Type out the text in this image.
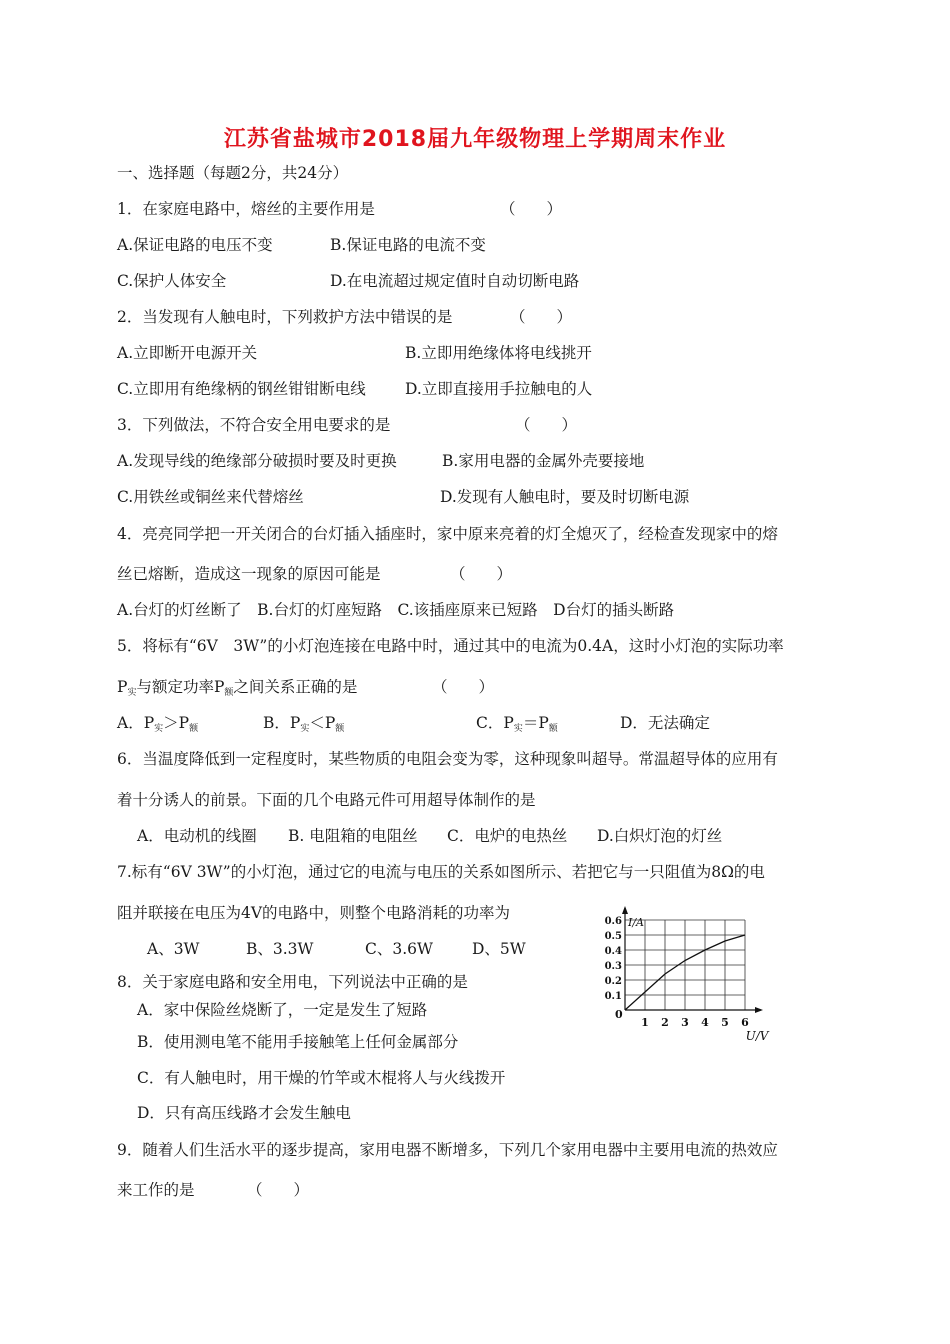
江苏省盐城市2018届九年级物理上学期周末作业
一、选择题（每题2分，共24分）
1．在家庭电路中，熔丝的主要作用是	（　　）
A.保证电路的电压不变	B.保证电路的电流不变
C.保护人体安全	D.在电流超过规定值时自动切断电路
2．当发现有人触电时，下列救护方法中错误的是	（　　）
A.立即断开电源开关	B.立即用绝缘体将电线挑开
C.立即用有绝缘柄的钢丝钳钳断电线	D.立即直接用手拉触电的人
3．下列做法，不符合安全用电要求的是	（　　）
A.发现导线的绝缘部分破损时要及时更换	B.家用电器的金属外壳要接地
C.用铁丝或铜丝来代替熔丝	D.发现有人触电时，要及时切断电源
4．亮亮同学把一开关闭合的台灯插入插座时，家中原来亮着的灯全熄灭了，经检查发现家中的熔
丝已熔断，造成这一现象的原因可能是	（　　）
A.台灯的灯丝断了　B.台灯的灯座短路　C.该插座原来已短路　D台灯的插头断路
5．将标有“6V　3W”的小灯泡连接在电路中时，通过其中的电流为0.4A，这时小灯泡的实际功率
$P_实$与额定功率$P_额$之间关系正确的是	（　　）
A．$P_实>P_额$	B．$P_实<P_额$	C．$P_实=P_额$	D．无法确定
6．当温度降低到一定程度时，某些物质的电阻会变为零，这种现象叫超导。常温超导体的应用有
着十分诱人的前景。下面的几个电路元件可用超导体制作的是
A．电动机的线圈 B. 电阻箱的电阻丝 C．电炉的电热丝 D.白炽灯泡的灯丝
7.标有“6V 3W”的小灯泡，通过它的电流与电压的关系如图所示、若把它与一只阻值为8Ω的电
阻并联接在电压为4V的电路中，则整个电路消耗的功率为
A、3W	B、3.3W	C、3.6W	D、5W
0
1 2 3 4 5 6
0.1
0.2
0.3
0.4
0.5
0.6 I/A
U/V
8．关于家庭电路和安全用电，下列说法中正确的是
A．家中保险丝烧断了，一定是发生了短路
B．使用测电笔不能用手接触笔上任何金属部分
C．有人触电时，用干燥的竹竿或木棍将人与火线拨开
D．只有高压线路才会发生触电
9．随着人们生活水平的逐步提高，家用电器不断增多，下列几个家用电器中主要用电流的热效应
来工作的是	（　　）
